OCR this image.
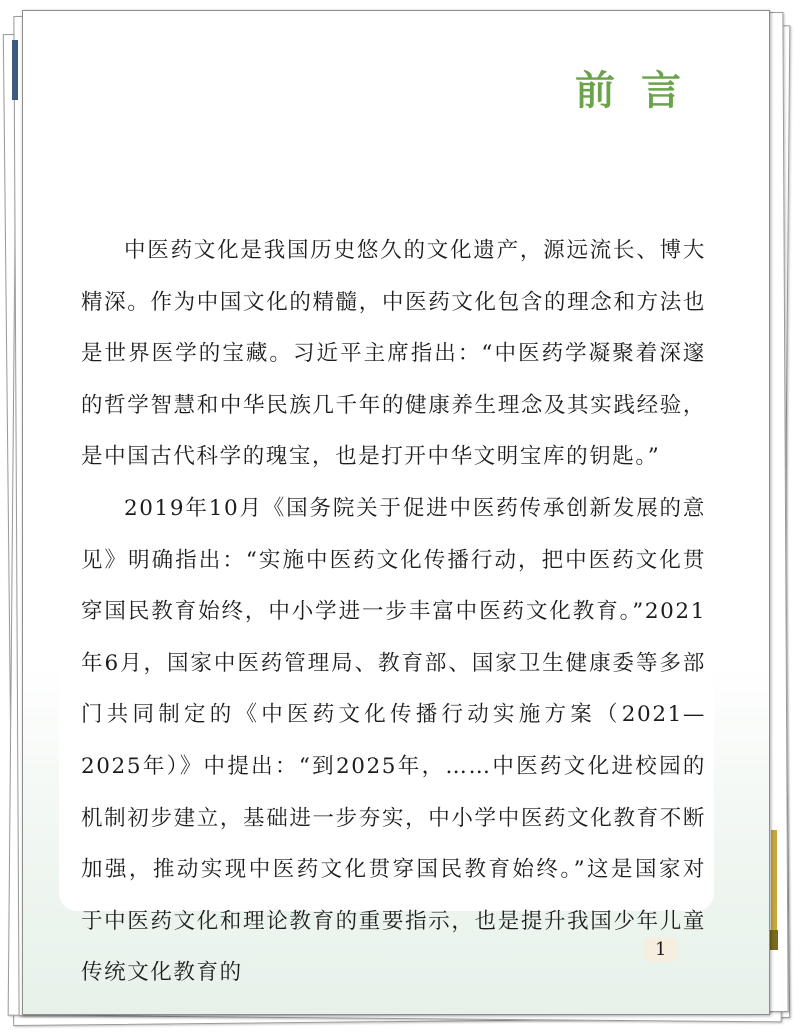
前言

中医药文化是我国历史悠久的文化遗产，源远流长、博大精深。作为中国文化的精髓，中医药文化包含的理念和方法也是世界医学的宝藏。习近平主席指出：“中医药学凝聚着深邃的哲学智慧和中华民族几千年的健康养生理念及其实践经验，是中国古代科学的瑰宝，也是打开中华文明宝库的钥匙。”

2019年10月《国务院关于促进中医药传承创新发展的意见》明确指出：“实施中医药文化传播行动，把中医药文化贯穿国民教育始终，中小学进一步丰富中医药文化教育。”2021年6月，国家中医药管理局、教育部、国家卫生健康委等多部门共同制定的《中医药文化传播行动实施方案（2021—2025年）》中提出：“到2025年，……中医药文化进校园的机制初步建立，基础进一步夯实，中小学中医药文化教育不断加强，推动实现中医药文化贯穿国民教育始终。”这是国家对于中医药文化和理论教育的重要指示，也是提升我国少年儿童传统文化教育的

1
